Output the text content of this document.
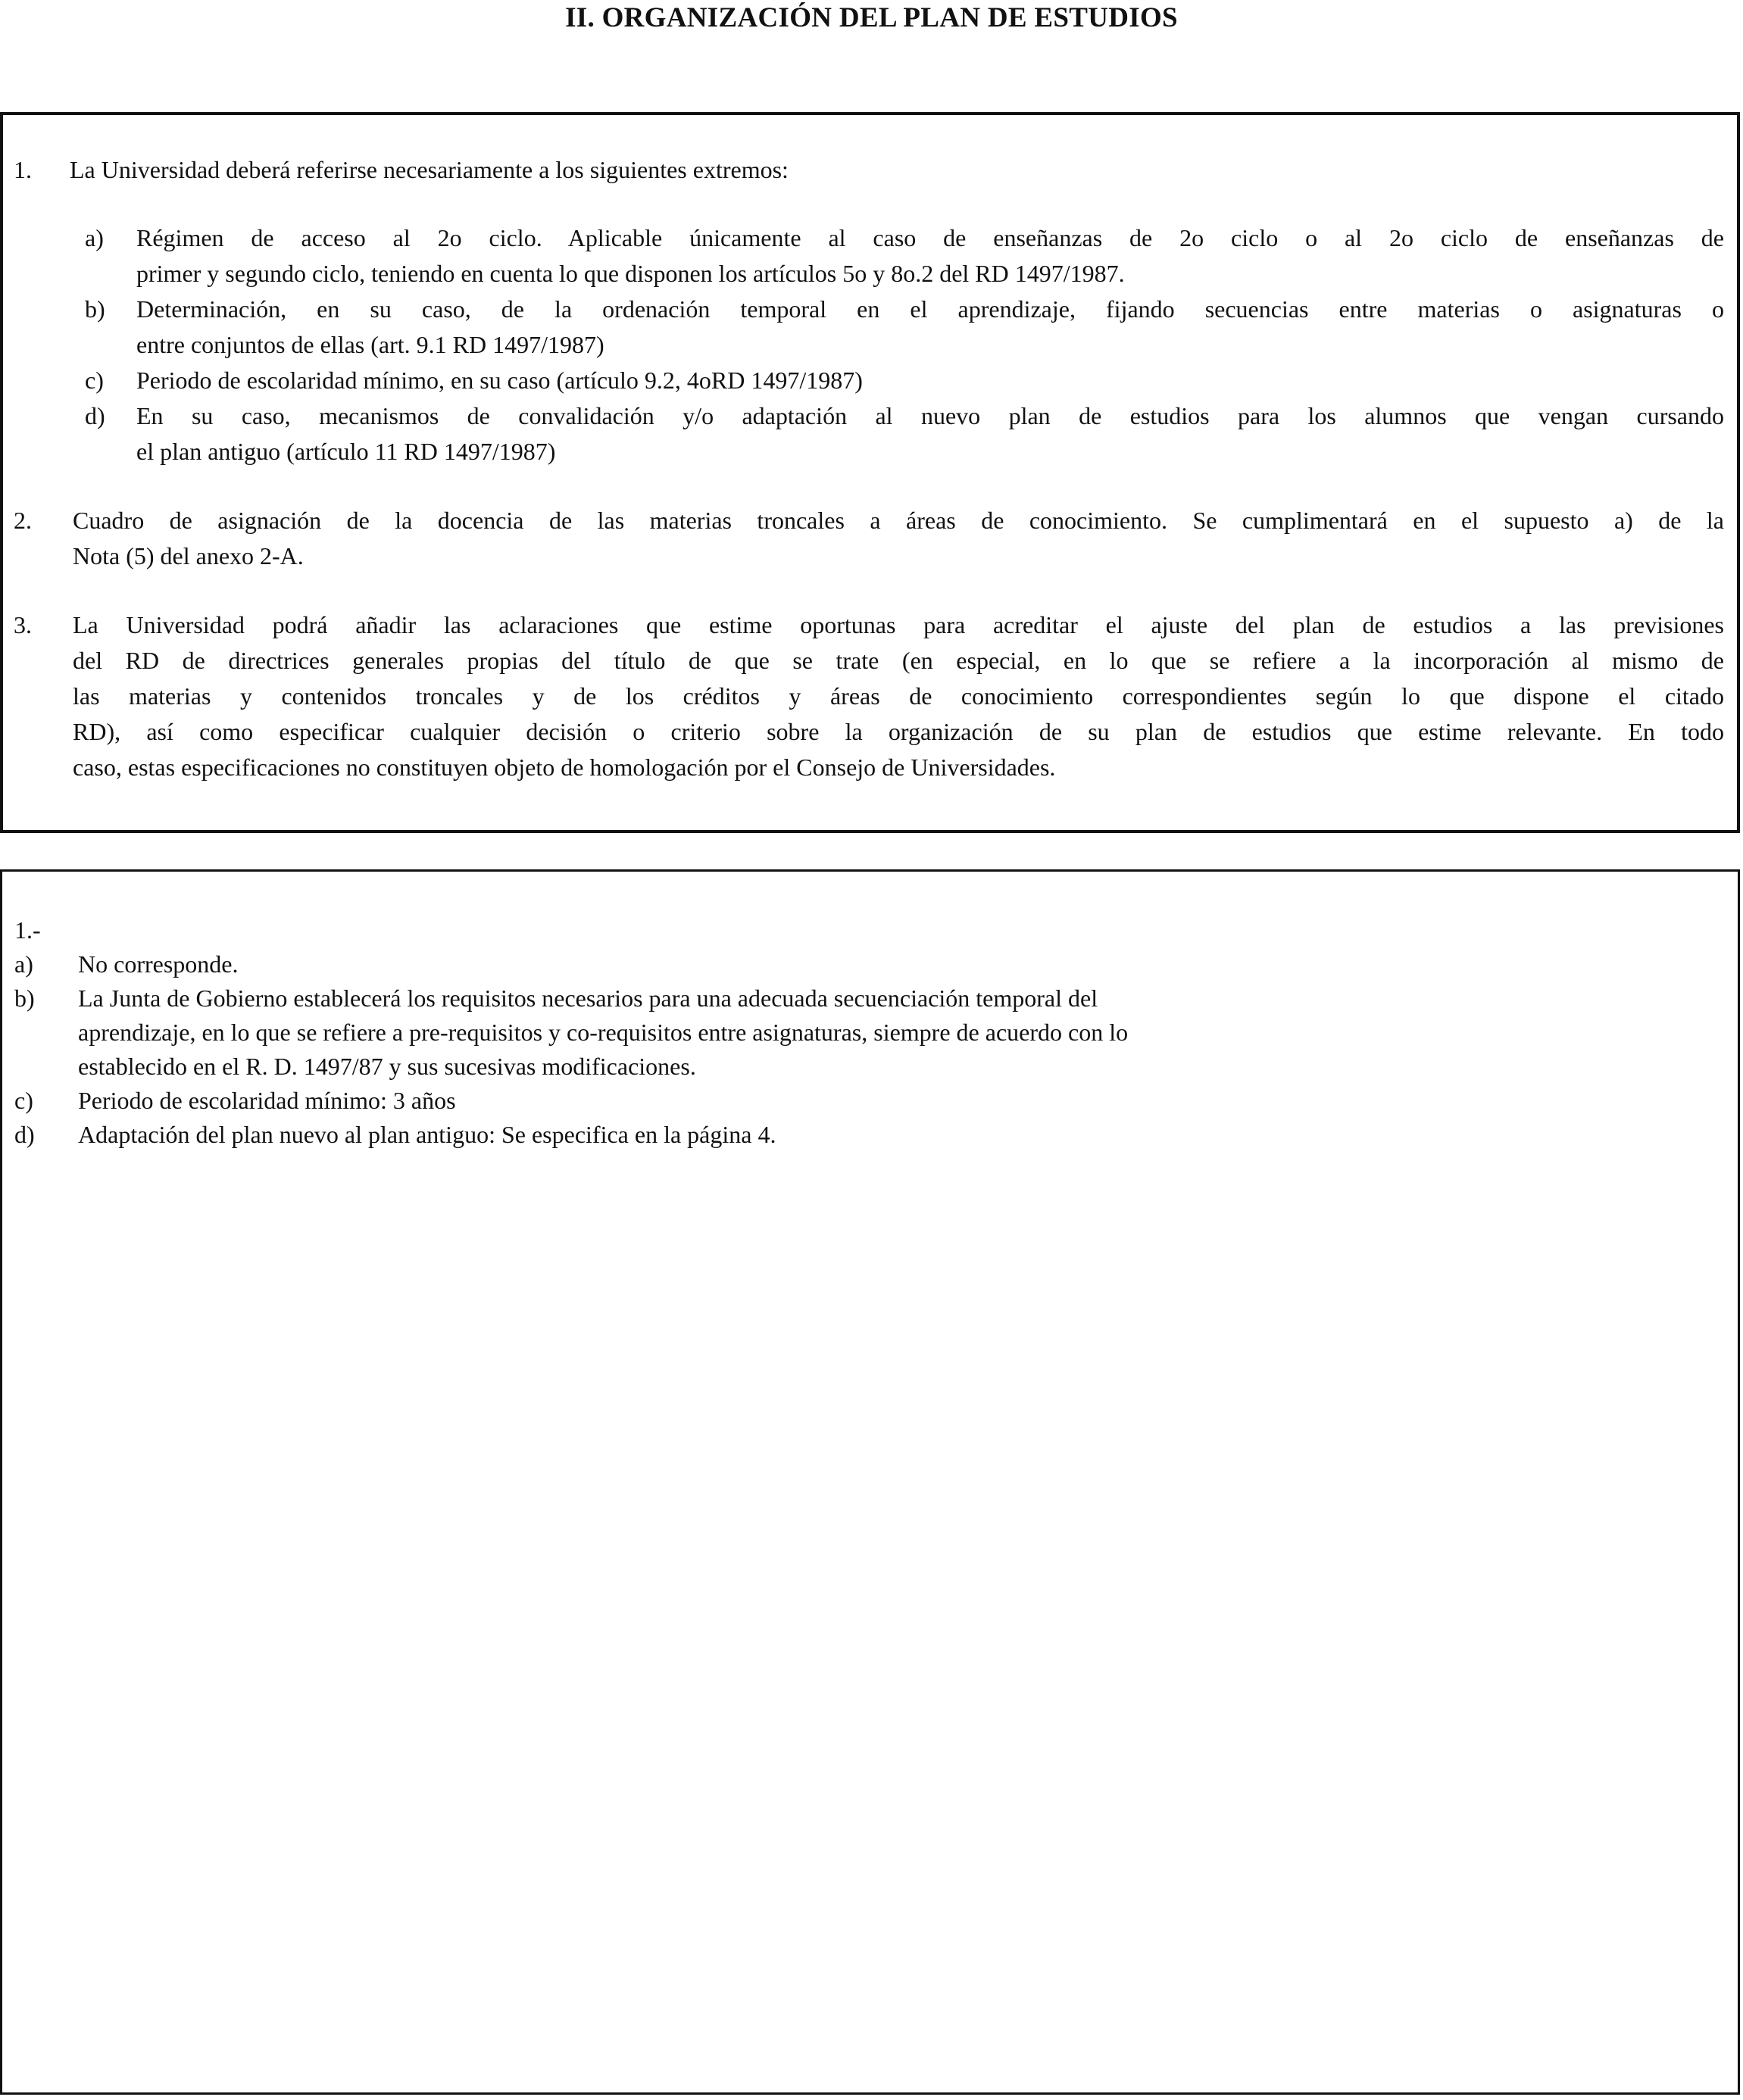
II. ORGANIZACIÓN DEL PLAN DE ESTUDIOS
1. La Universidad deberá referirse necesariamente a los siguientes extremos:
a) Régimen de acceso al 2o ciclo. Aplicable únicamente al caso de enseñanzas de 2o ciclo o al 2o ciclo de enseñanzas de
primer y segundo ciclo, teniendo en cuenta lo que disponen los artículos 5o y 8o.2 del RD 1497/1987.
b) Determinación, en su caso, de la ordenación temporal en el aprendizaje, fijando secuencias entre materias o asignaturas o
entre conjuntos de ellas (art. 9.1 RD 1497/1987)
c) Periodo de escolaridad mínimo, en su caso (artículo 9.2, 4oRD 1497/1987)
d) En su caso, mecanismos de convalidación y/o adaptación al nuevo plan de estudios para los alumnos que vengan cursando
el plan antiguo (artículo 11 RD 1497/1987)
2. Cuadro de asignación de la docencia de las materias troncales a áreas de conocimiento. Se cumplimentará en el supuesto a) de la
Nota (5) del anexo 2-A.
3. La Universidad podrá añadir las aclaraciones que estime oportunas para acreditar el ajuste del plan de estudios a las previsiones
del RD de directrices generales propias del título de que se trate (en especial, en lo que se refiere a la incorporación al mismo de
las materias y contenidos troncales y de los créditos y áreas de conocimiento correspondientes según lo que dispone el citado
RD), así como especificar cualquier decisión o criterio sobre la organización de su plan de estudios que estime relevante. En todo
caso, estas especificaciones no constituyen objeto de homologación por el Consejo de Universidades.
1.-
a) No corresponde.
b) La Junta de Gobierno establecerá los requisitos necesarios para una adecuada secuenciación temporal del
aprendizaje, en lo que se refiere a pre-requisitos y co-requisitos entre asignaturas, siempre de acuerdo con lo
establecido en el R. D. 1497/87 y sus sucesivas modificaciones.
c) Periodo de escolaridad mínimo: 3 años
d) Adaptación del plan nuevo al plan antiguo: Se especifica en la página 4.
